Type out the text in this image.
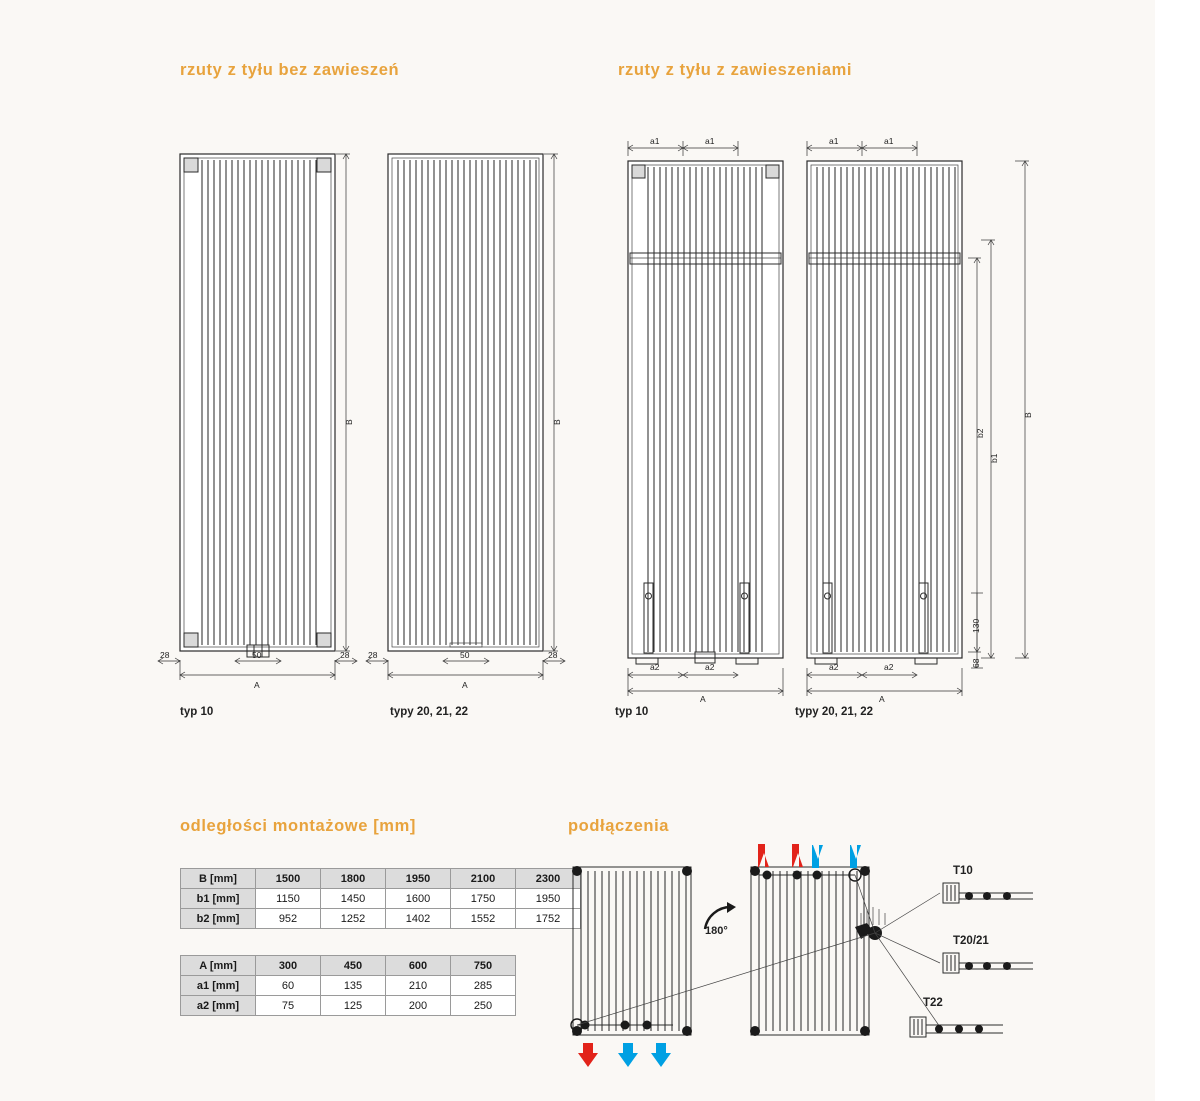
rzuty z tyłu bez zawieszeń	rzuty z tyłu z zawieszeniami
odległości montażowe [mm]	podłączenia
B
A
28	28
50
typ 10
B
A
28	28
50
typy 20, 21, 22
a1	a1
a2	a2
A
typ 10
a1	a1
a2	a2
A
b2
b1
130
68
B
typy 20, 21, 22
B [mm]	1500	1800	1950	2100	2300
b1 [mm]	1150	1450	1600	1750	1950
b2 [mm]	952	1252	1402	1552	1752
A [mm]	300	450	600	750
a1 [mm]	60	135	210	285
a2 [mm]	75	125	200	250
180°
T10
T20/21
T22
